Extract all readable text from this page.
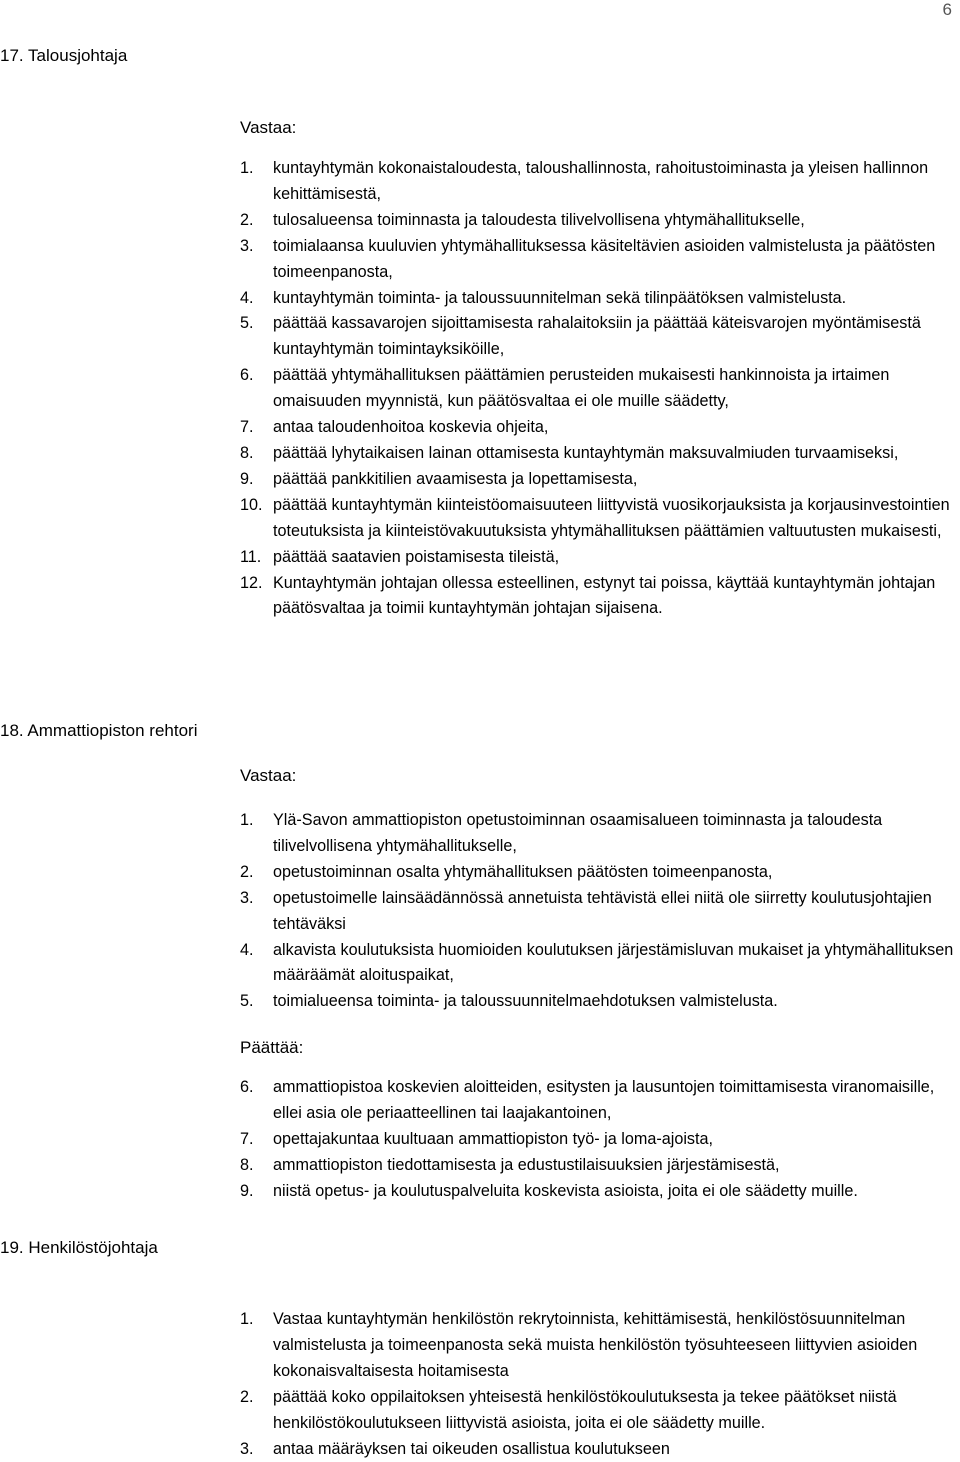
6
17. Talousjohtaja
Vastaa:
1. kuntayhtymän kokonaistaloudesta, taloushallinnosta, rahoitustoiminasta ja yleisen hallinnon kehittämisestä,
2. tulosalueensa toiminnasta ja taloudesta tilivelvollisena yhtymähallitukselle,
3. toimialaansa kuuluvien yhtymähallituksessa käsiteltävien asioiden valmistelusta ja päätösten toimeenpanosta,
4. kuntayhtymän toiminta- ja taloussuunnitelman sekä tilinpäätöksen valmistelusta.
5. päättää kassavarojen sijoittamisesta rahalaitoksiin ja päättää käteisvarojen myöntämisestä kuntayhtymän toimintayksiköille,
6. päättää yhtymähallituksen päättämien perusteiden mukaisesti hankinnoista ja irtaimen omaisuuden myynnistä, kun päätösvaltaa ei ole muille säädetty,
7. antaa taloudenhoitoa koskevia ohjeita,
8. päättää lyhytaikaisen lainan ottamisesta kuntayhtymän maksuvalmiuden turvaamiseksi,
9. päättää pankkitilien avaamisesta ja lopettamisesta,
10. päättää kuntayhtymän kiinteistöomaisuuteen liittyvistä vuosikorjauksista ja korjausinvestointien toteutuksista ja kiinteistövakuutuksista yhtymähallituksen päättämien valtuutusten mukaisesti,
11. päättää saatavien poistamisesta tileistä,
12. Kuntayhtymän johtajan ollessa esteellinen, estynyt tai poissa, käyttää kuntayhtymän johtajan päätösvaltaa ja toimii kuntayhtymän johtajan sijaisena.
18. Ammattiopiston rehtori
Vastaa:
1. Ylä-Savon ammattiopiston opetustoiminnan osaamisalueen toiminnasta ja taloudesta tilivelvollisena yhtymähallitukselle,
2. opetustoiminnan osalta yhtymähallituksen päätösten toimeenpanosta,
3. opetustoimelle lainsäädännössä annetuista tehtävistä ellei niitä ole siirretty koulutusjohtajien tehtäväksi
4. alkavista koulutuksista huomioiden koulutuksen järjestämisluvan mukaiset ja yhtymähallituksen määräämät aloituspaikat,
5. toimialueensa toiminta- ja taloussuunnitelmaehdotuksen valmistelusta.
Päättää:
6. ammattiopistoa koskevien aloitteiden, esitysten ja lausuntojen toimittamisesta viranomaisille, ellei asia ole periaatteellinen tai laajakantoinen,
7. opettajakuntaa kuultuaan ammattiopiston työ- ja loma-ajoista,
8. ammattiopiston tiedottamisesta ja edustustilaisuuksien järjestämisestä,
9. niistä opetus- ja koulutuspalveluita koskevista asioista, joita ei ole säädetty muille.
19. Henkilöstöjohtaja
1. Vastaa kuntayhtymän henkilöstön rekrytoinnista, kehittämisestä, henkilöstösuunnitelman valmistelusta ja toimeenpanosta sekä muista henkilöstön työsuhteeseen liittyvien asioiden kokonaisvaltaisesta hoitamisesta
2. päättää koko oppilaitoksen yhteisestä henkilöstökoulutuksesta ja tekee päätökset niistä henkilöstökoulutukseen liittyvistä asioista, joita ei ole säädetty muille.
3. antaa määräyksen tai oikeuden osallistua koulutukseen
